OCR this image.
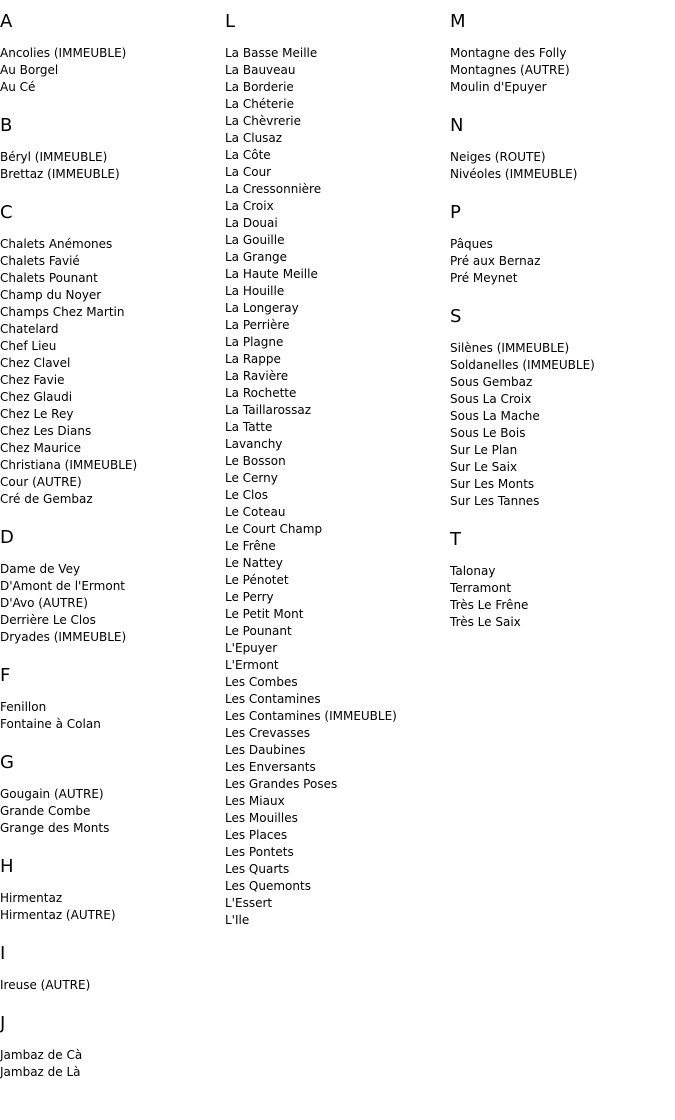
A
Ancolies (IMMEUBLE)
Au Borgel
Au Cé
B
Béryl (IMMEUBLE)
Brettaz (IMMEUBLE)
C
Chalets Anémones
Chalets Favié
Chalets Pounant
Champ du Noyer
Champs Chez Martin
Chatelard
Chef Lieu
Chez Clavel
Chez Favie
Chez Glaudi
Chez Le Rey
Chez Les Dians
Chez Maurice
Christiana (IMMEUBLE)
Cour (AUTRE)
Cré de Gembaz
D
Dame de Vey
D'Amont de l'Ermont
D'Avo (AUTRE)
Derrière Le Clos
Dryades (IMMEUBLE)
F
Fenillon
Fontaine à Colan
G
Gougain (AUTRE)
Grande Combe
Grange des Monts
H
Hirmentaz
Hirmentaz (AUTRE)
I
Ireuse (AUTRE)
J
Jambaz de Cà
Jambaz de Là
L
La Basse Meille
La Bauveau
La Borderie
La Chéterie
La Chèvrerie
La Clusaz
La Côte
La Cour
La Cressonnière
La Croix
La Douai
La Gouille
La Grange
La Haute Meille
La Houille
La Longeray
La Perrière
La Plagne
La Rappe
La Ravière
La Rochette
La Taillarossaz
La Tatte
Lavanchy
Le Bosson
Le Cerny
Le Clos
Le Coteau
Le Court Champ
Le Frêne
Le Nattey
Le Pénotet
Le Perry
Le Petit Mont
Le Pounant
L'Epuyer
L'Ermont
Les Combes
Les Contamines
Les Contamines (IMMEUBLE)
Les Crevasses
Les Daubines
Les Enversants
Les Grandes Poses
Les Miaux
Les Mouilles
Les Places
Les Pontets
Les Quarts
Les Quemonts
L'Essert
L'Ile
M
Montagne des Folly
Montagnes (AUTRE)
Moulin d'Epuyer
N
Neiges (ROUTE)
Nivéoles (IMMEUBLE)
P
Pâques
Pré aux Bernaz
Pré Meynet
S
Silènes (IMMEUBLE)
Soldanelles (IMMEUBLE)
Sous Gembaz
Sous La Croix
Sous La Mache
Sous Le Bois
Sur Le Plan
Sur Le Saix
Sur Les Monts
Sur Les Tannes
T
Talonay
Terramont
Très Le Frêne
Très Le Saix
